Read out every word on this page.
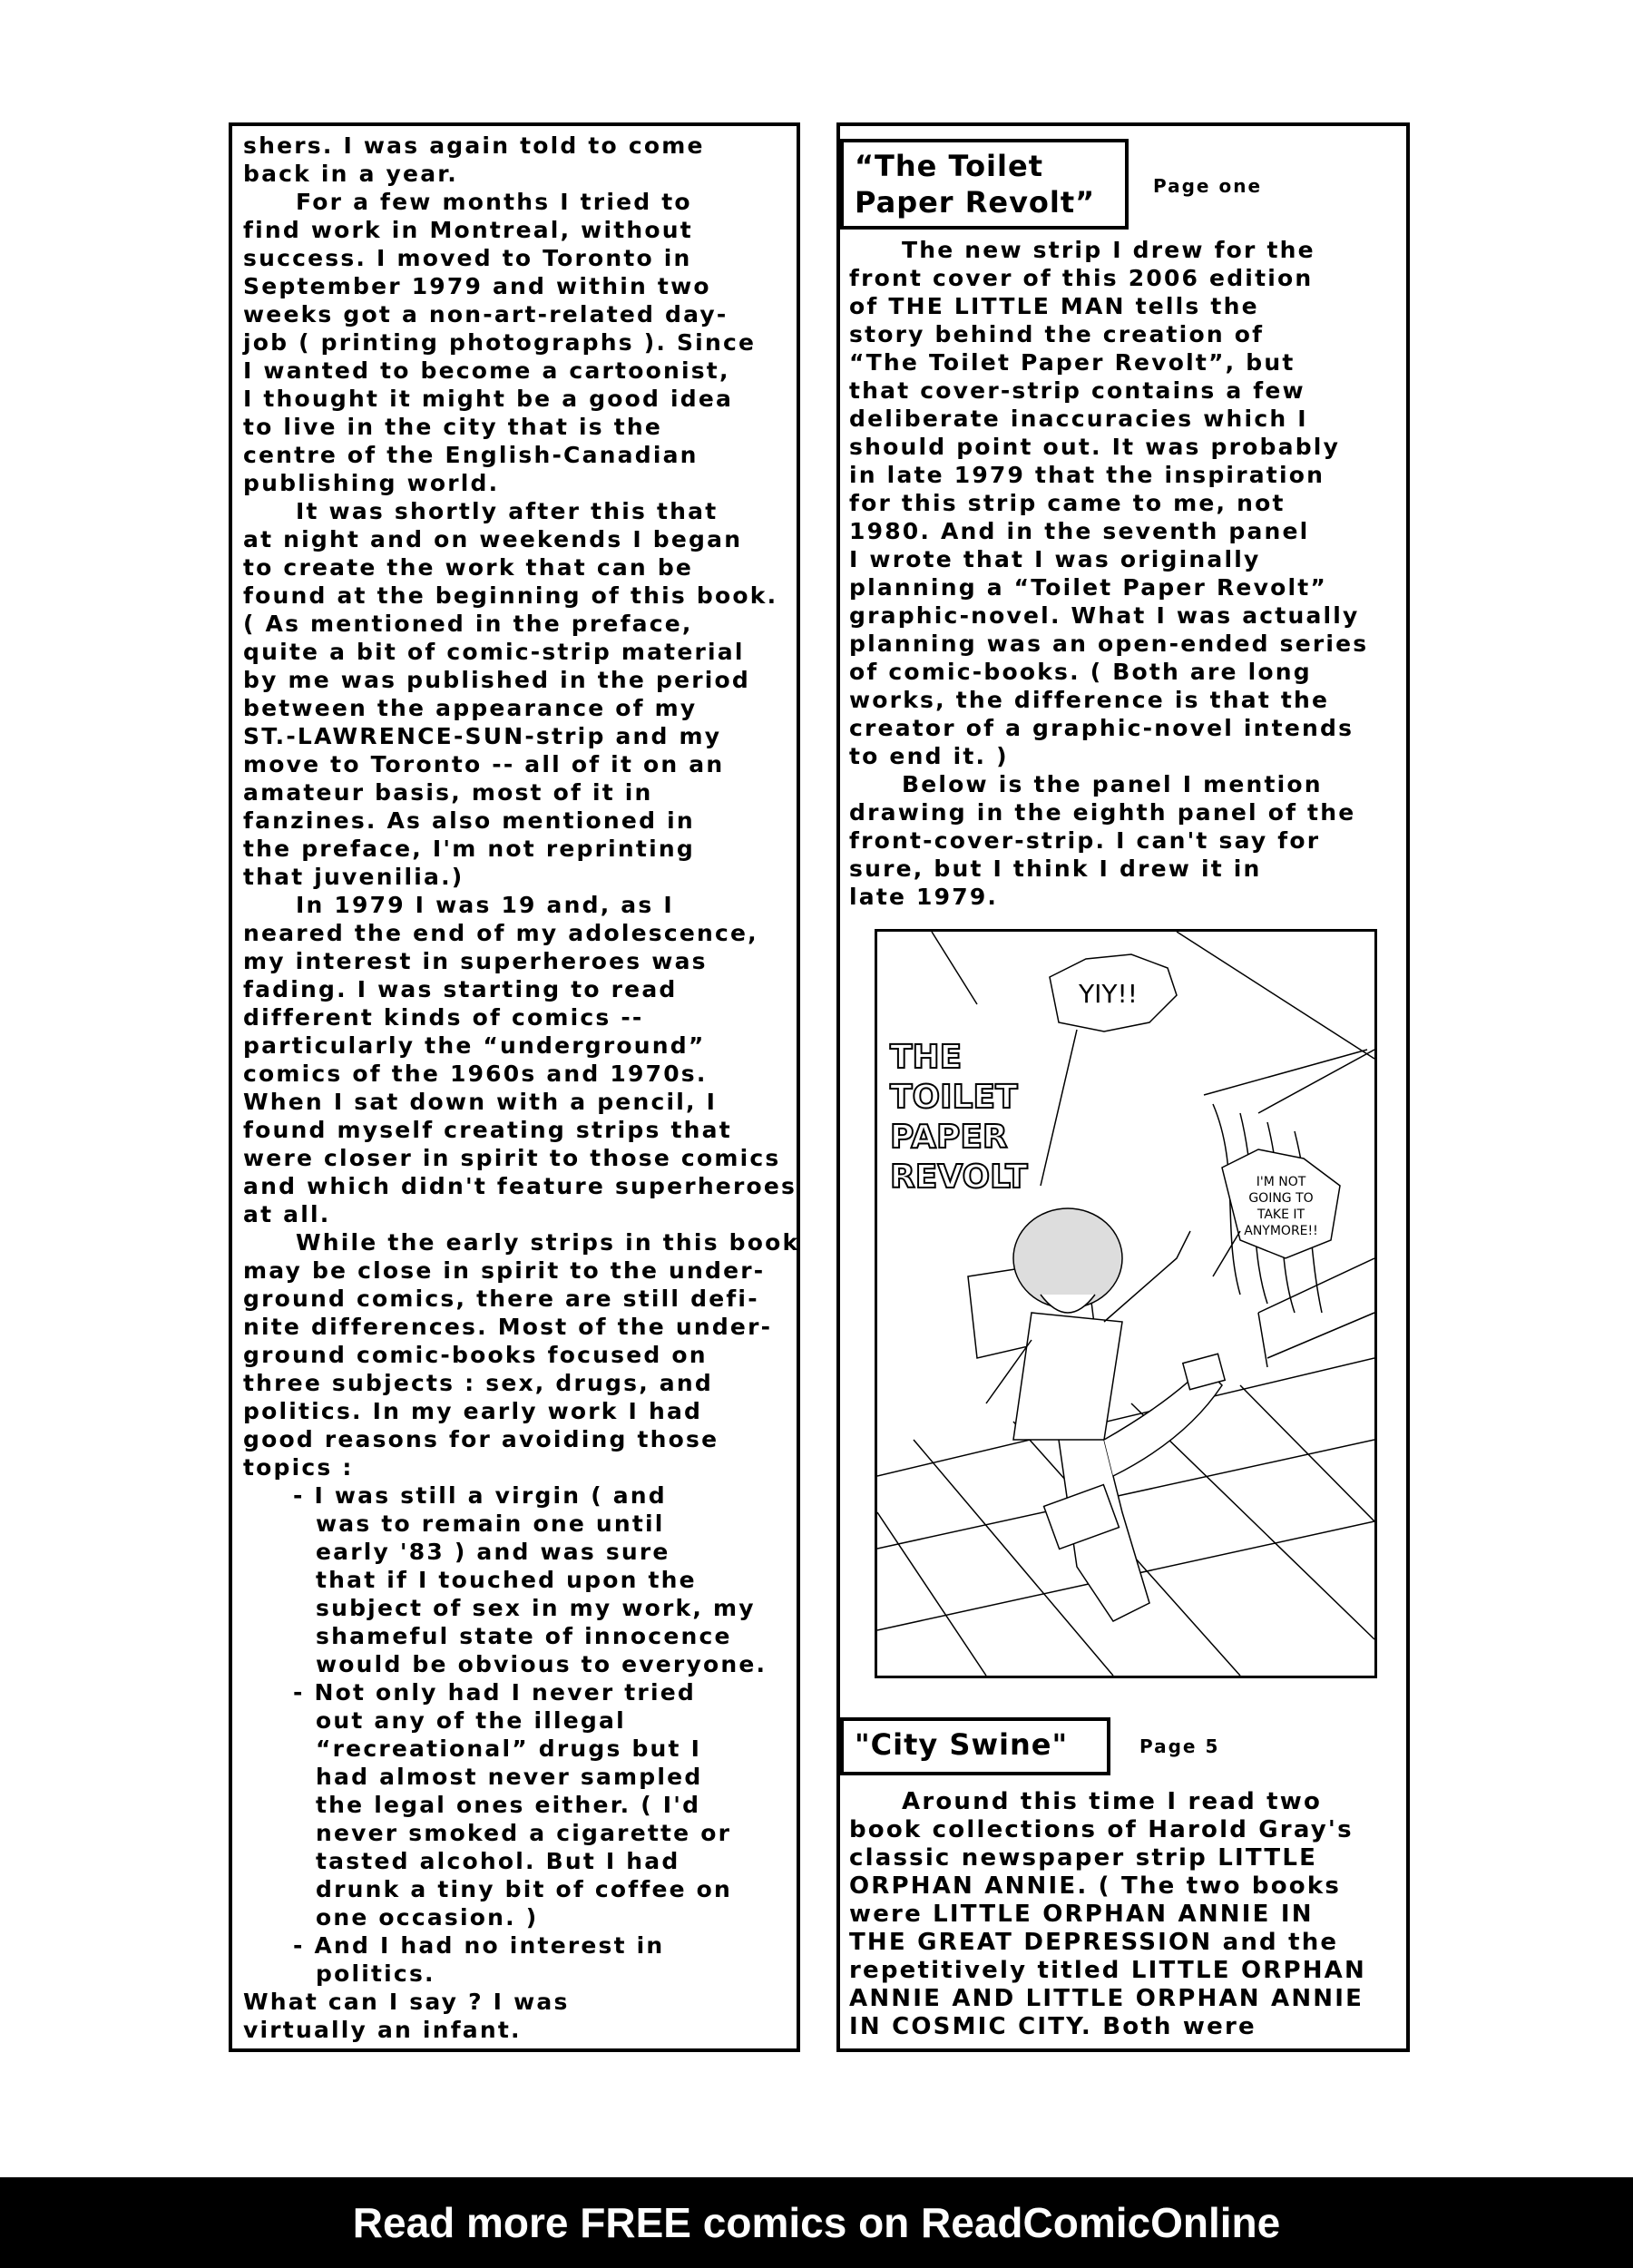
shers. I was again told to come
back in a year.
For a few months I tried to
find work in Montreal, without
success. I moved to Toronto in
September 1979 and within two
weeks got a non-art-related day-
job ( printing photographs ). Since
I wanted to become a cartoonist,
I thought it might be a good idea
to live in the city that is the
centre of the English-Canadian
publishing world.
It was shortly after this that
at night and on weekends I began
to create the work that can be
found at the beginning of this book.
( As mentioned in the preface,
quite a bit of comic-strip material
by me was published in the period
between the appearance of my
ST.-LAWRENCE-SUN-strip and my
move to Toronto -- all of it on an
amateur basis, most of it in
fanzines. As also mentioned in
the preface, I'm not reprinting
that juvenilia.)
In 1979 I was 19 and, as I
neared the end of my adolescence,
my interest in superheroes was
fading. I was starting to read
different kinds of comics --
particularly the “underground”
comics of the 1960s and 1970s.
When I sat down with a pencil, I
found myself creating strips that
were closer in spirit to those comics
and which didn't feature superheroes
at all.
While the early strips in this book
may be close in spirit to the under-
ground comics, there are still defi-
nite differences. Most of the under-
ground comic-books focused on
three subjects : sex, drugs, and
politics. In my early work I had
good reasons for avoiding those
topics :
- I was still a virgin ( and
was to remain one until
early '83 ) and was sure
that if I touched upon the
subject of sex in my work, my
shameful state of innocence
would be obvious to everyone.
- Not only had I never tried
out any of the illegal
“recreational” drugs but I
had almost never sampled
the legal ones either. ( I'd
never smoked a cigarette or
tasted alcohol. But I had
drunk a tiny bit of coffee on
one occasion. )
- And I had no interest in
politics.
What can I say ? I was
virtually an infant.
“The Toilet
Paper Revolt”	Page one
The new strip I drew for the
front cover of this 2006 edition
of THE LITTLE MAN tells the
story behind the creation of
“The Toilet Paper Revolt”, but
that cover-strip contains a few
deliberate inaccuracies which I
should point out. It was probably
in late 1979 that the inspiration
for this strip came to me, not
1980. And in the seventh panel
I wrote that I was originally
planning a “Toilet Paper Revolt”
graphic-novel. What I was actually
planning was an open-ended series
of comic-books. ( Both are long
works, the difference is that the
creator of a graphic-novel intends
to end it. )
Below is the panel I mention
drawing in the eighth panel of the
front-cover-strip. I can't say for
sure, but I think I drew it in
late 1979.
THE
TOILET
PAPER
REVOLT
YIY!!
I'M NOT
GOING TO
TAKE IT
ANYMORE!!
"City Swine"	Page 5
Around this time I read two
book collections of Harold Gray's
classic newspaper strip LITTLE
ORPHAN ANNIE. ( The two books
were LITTLE ORPHAN ANNIE IN
THE GREAT DEPRESSION and the
repetitively titled LITTLE ORPHAN
ANNIE AND LITTLE ORPHAN ANNIE
IN COSMIC CITY. Both were
Read more FREE comics on ReadComicOnline
